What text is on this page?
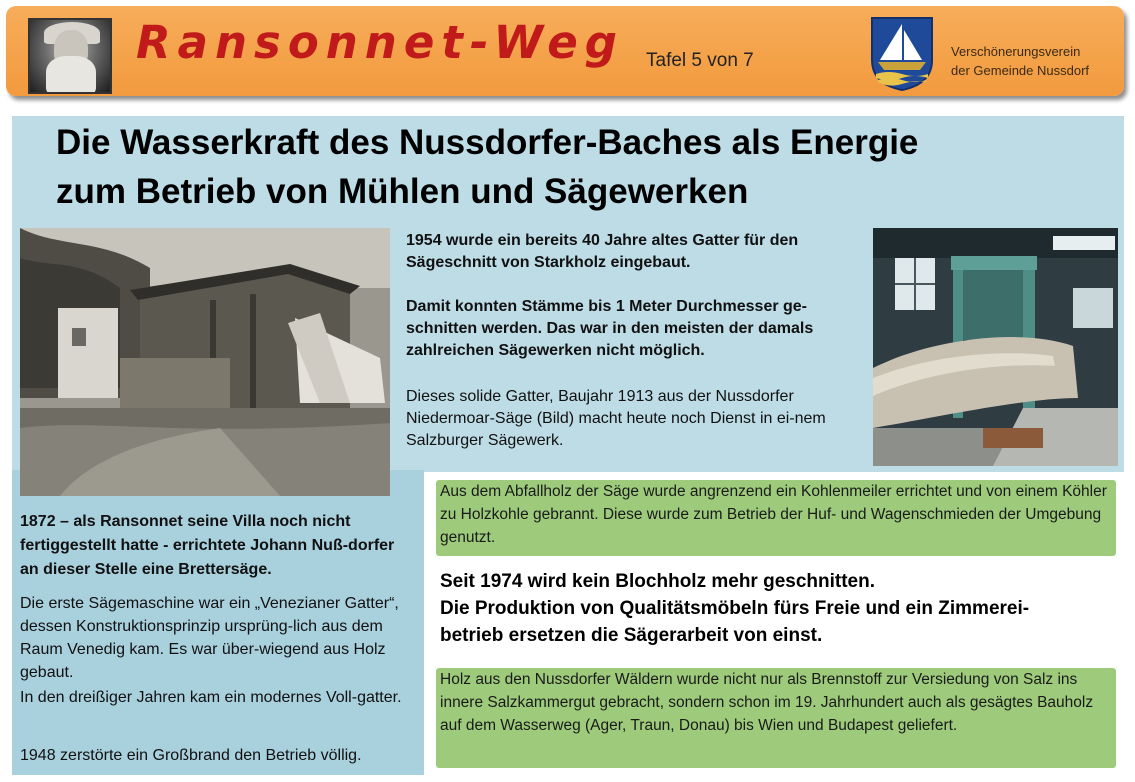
Ransonnet-Weg Tafel 5 von 7	Verschönerungsverein
der Gemeinde Nussdorf
Die Wasserkraft des Nussdorfer-Baches als Energie
zum Betrieb von Mühlen und Sägewerken
1954 wurde ein bereits 40 Jahre altes Gatter für den Sägeschnitt von Starkholz eingebaut.
Damit konnten Stämme bis 1 Meter Durchmesser ge-schnitten werden. Das war in den meisten der damals zahlreichen Sägewerken nicht möglich.
Dieses solide Gatter, Baujahr 1913 aus der Nussdorfer Niedermoar-Säge (Bild) macht heute noch Dienst in ei-nem Salzburger Sägewerk.
1872 – als Ransonnet seine Villa noch nicht fertiggestellt hatte - errichtete Johann Nuß-dorfer an dieser Stelle eine Brettersäge.
Die erste Sägemaschine war ein „Venezianer Gatter“, dessen Konstruktionsprinzip ursprüng-lich aus dem Raum Venedig kam. Es war über-wiegend aus Holz gebaut.
In den dreißiger Jahren kam ein modernes Voll-gatter.
1948 zerstörte ein Großbrand den Betrieb völlig.
Aus dem Abfallholz der Säge wurde angrenzend ein Kohlenmeiler errichtet und von einem Köhler zu Holzkohle gebrannt. Diese wurde zum Betrieb der Huf- und Wagenschmieden der Umgebung genutzt.
Seit 1974 wird kein Blochholz mehr geschnitten.
Die Produktion von Qualitätsmöbeln fürs Freie und ein Zimmerei-
betrieb ersetzen die Sägerarbeit von einst.
Holz aus den Nussdorfer Wäldern wurde nicht nur als Brennstoff zur Versiedung von Salz ins innere Salzkammergut gebracht, sondern schon im 19. Jahrhundert auch als gesägtes Bauholz auf dem Wasserweg (Ager, Traun, Donau) bis Wien und Budapest geliefert.
